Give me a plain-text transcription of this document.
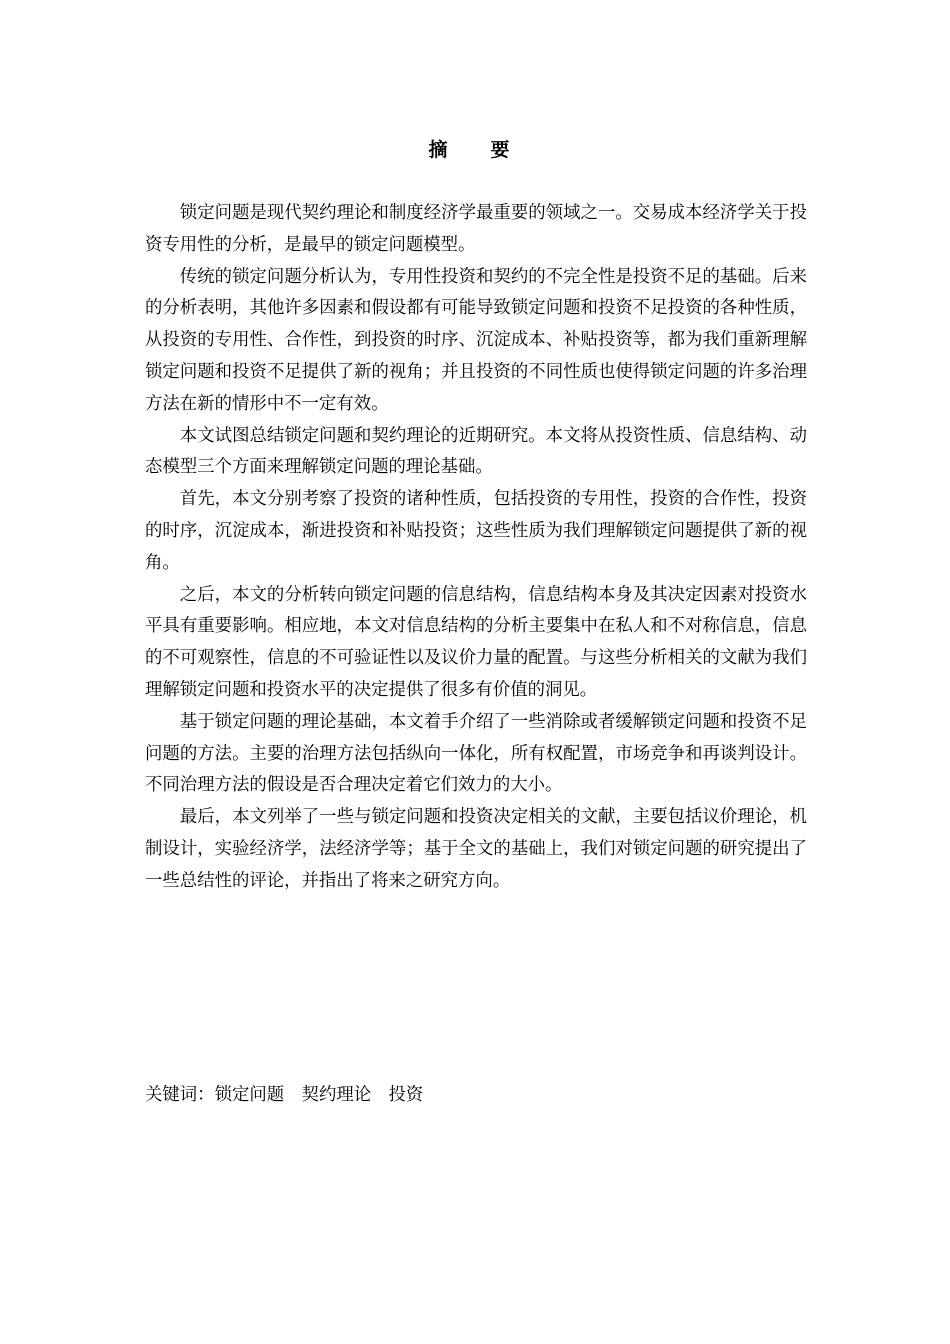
摘　要

锁定问题是现代契约理论和制度经济学最重要的领域之一。交易成本经济学关于投资专用性的分析，是最早的锁定问题模型。

传统的锁定问题分析认为，专用性投资和契约的不完全性是投资不足的基础。后来的分析表明，其他许多因素和假设都有可能导致锁定问题和投资不足投资的各种性质，从投资的专用性、合作性，到投资的时序、沉淀成本、补贴投资等，都为我们重新理解锁定问题和投资不足提供了新的视角；并且投资的不同性质也使得锁定问题的许多治理方法在新的情形中不一定有效。

本文试图总结锁定问题和契约理论的近期研究。本文将从投资性质、信息结构、动态模型三个方面来理解锁定问题的理论基础。

首先，本文分别考察了投资的诸种性质，包括投资的专用性，投资的合作性，投资的时序，沉淀成本，渐进投资和补贴投资；这些性质为我们理解锁定问题提供了新的视角。

之后，本文的分析转向锁定问题的信息结构，信息结构本身及其决定因素对投资水平具有重要影响。相应地，本文对信息结构的分析主要集中在私人和不对称信息，信息的不可观察性，信息的不可验证性以及议价力量的配置。与这些分析相关的文献为我们理解锁定问题和投资水平的决定提供了很多有价值的洞见。

基于锁定问题的理论基础，本文着手介绍了一些消除或者缓解锁定问题和投资不足问题的方法。主要的治理方法包括纵向一体化，所有权配置，市场竞争和再谈判设计。不同治理方法的假设是否合理决定着它们效力的大小。

最后，本文列举了一些与锁定问题和投资决定相关的文献，主要包括议价理论，机制设计，实验经济学，法经济学等；基于全文的基础上，我们对锁定问题的研究提出了一些总结性的评论，并指出了将来之研究方向。

关键词：锁定问题 契约理论 投资
